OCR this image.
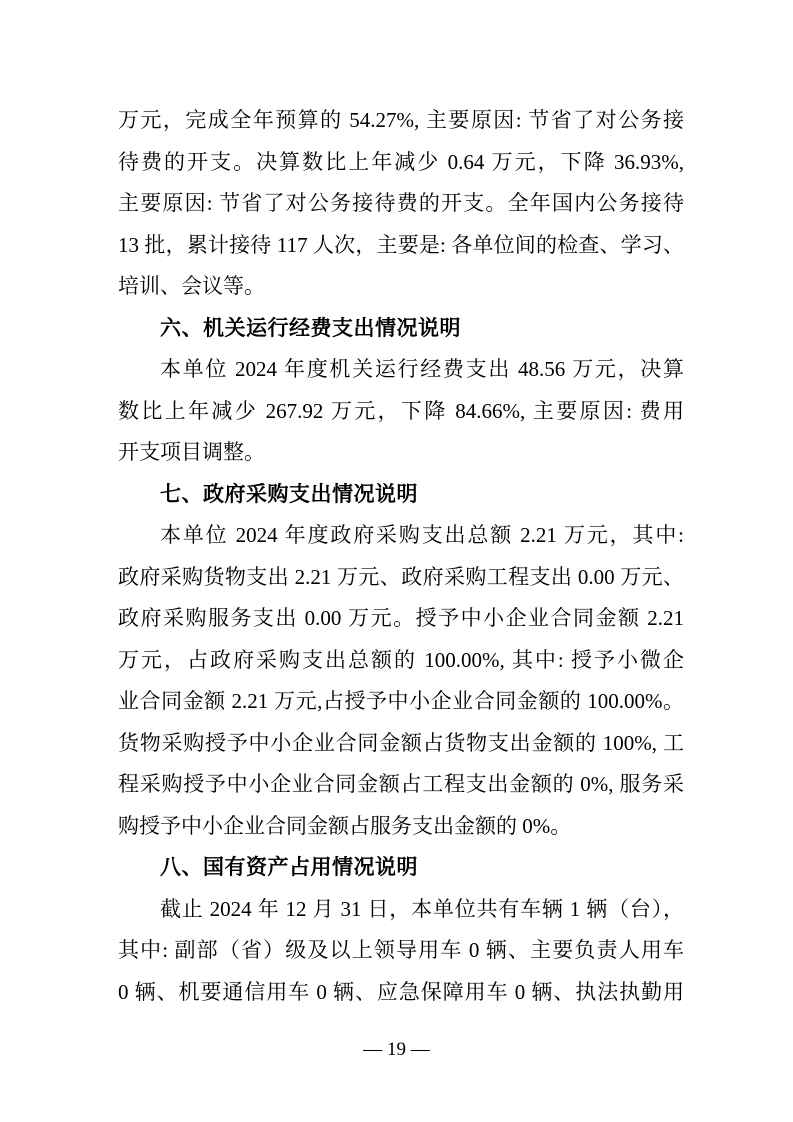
万元，完成全年预算的 54.27%, 主要原因: 节省了对公务接
待费的开支。决算数比上年减少 0.64 万元，下降 36.93%,
主要原因: 节省了对公务接待费的开支。全年国内公务接待
13 批，累计接待 117 人次，主要是: 各单位间的检查、学习、
培训、会议等。
六、机关运行经费支出情况说明
本单位 2024 年度机关运行经费支出 48.56 万元，决算
数比上年减少 267.92 万元，下降 84.66%, 主要原因: 费用
开支项目调整。
七、政府采购支出情况说明
本单位 2024 年度政府采购支出总额 2.21 万元，其中:
政府采购货物支出 2.21 万元、政府采购工程支出 0.00 万元、
政府采购服务支出 0.00 万元。授予中小企业合同金额 2.21
万元，占政府采购支出总额的 100.00%, 其中: 授予小微企
业合同金额 2.21 万元,占授予中小企业合同金额的 100.00%。
货物采购授予中小企业合同金额占货物支出金额的 100%, 工
程采购授予中小企业合同金额占工程支出金额的 0%, 服务采
购授予中小企业合同金额占服务支出金额的 0%。
八、国有资产占用情况说明
截止 2024 年 12 月 31 日，本单位共有车辆 1 辆（台），
其中: 副部（省）级及以上领导用车 0 辆、主要负责人用车
0 辆、机要通信用车 0 辆、应急保障用车 0 辆、执法执勤用
— 19 —
